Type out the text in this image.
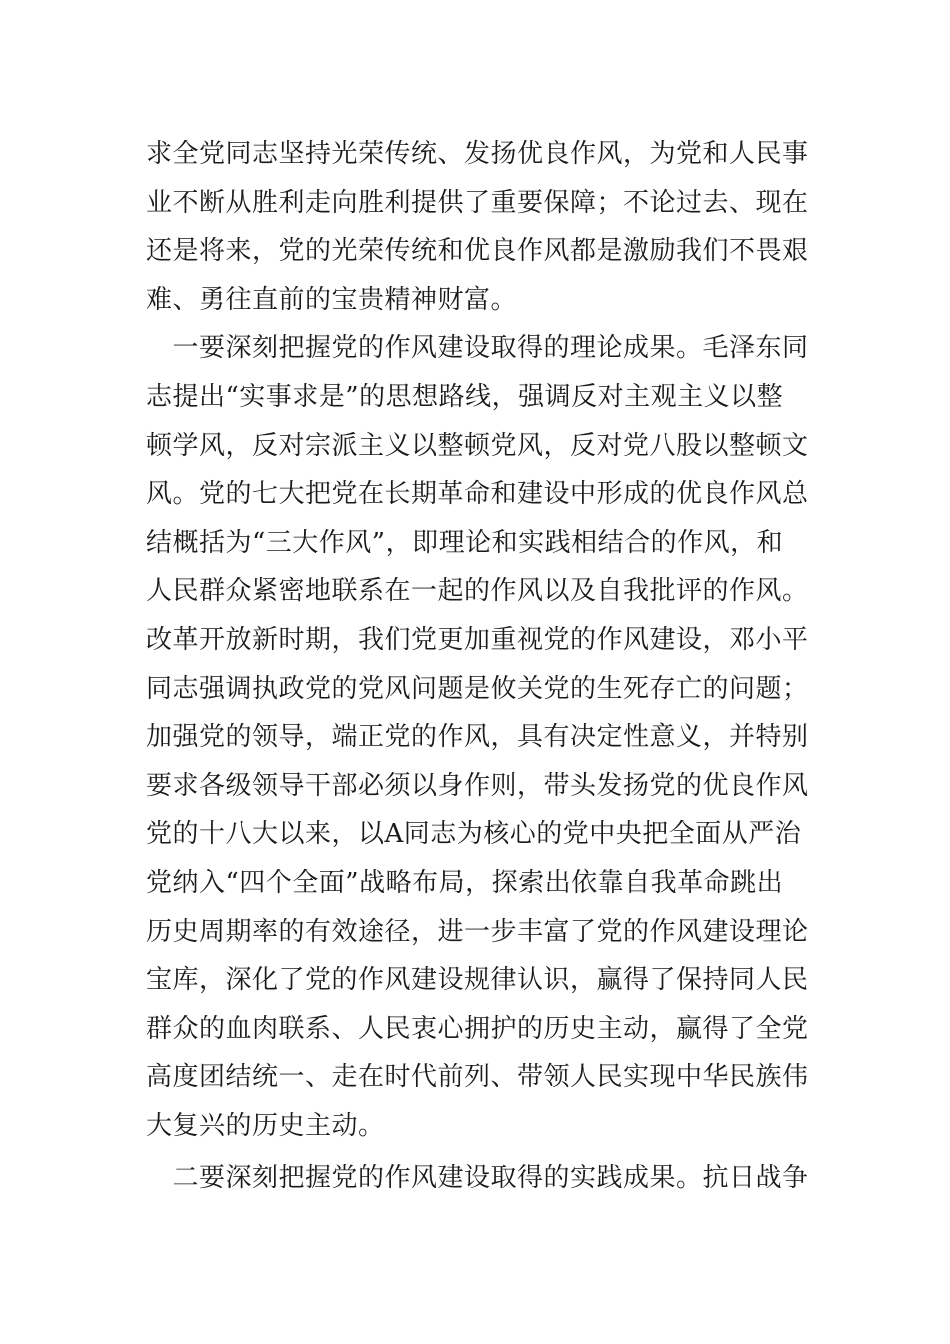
求全党同志坚持光荣传统、发扬优良作风，为党和人民事
业不断从胜利走向胜利提供了重要保障；不论过去、现在
还是将来，党的光荣传统和优良作风都是激励我们不畏艰
难、勇往直前的宝贵精神财富。
　一要深刻把握党的作风建设取得的理论成果。毛泽东同
志提出“实事求是”的思想路线，强调反对主观主义以整
顿学风，反对宗派主义以整顿党风，反对党八股以整顿文
风。党的七大把党在长期革命和建设中形成的优良作风总
结概括为“三大作风”，即理论和实践相结合的作风，和
人民群众紧密地联系在一起的作风以及自我批评的作风。
改革开放新时期，我们党更加重视党的作风建设，邓小平
同志强调执政党的党风问题是攸关党的生死存亡的问题；
加强党的领导，端正党的作风，具有决定性意义，并特别
要求各级领导干部必须以身作则，带头发扬党的优良作风
党的十八大以来，以A同志为核心的党中央把全面从严治
党纳入“四个全面”战略布局，探索出依靠自我革命跳出
历史周期率的有效途径，进一步丰富了党的作风建设理论
宝库，深化了党的作风建设规律认识，赢得了保持同人民
群众的血肉联系、人民衷心拥护的历史主动，赢得了全党
高度团结统一、走在时代前列、带领人民实现中华民族伟
大复兴的历史主动。
　二要深刻把握党的作风建设取得的实践成果。抗日战争
